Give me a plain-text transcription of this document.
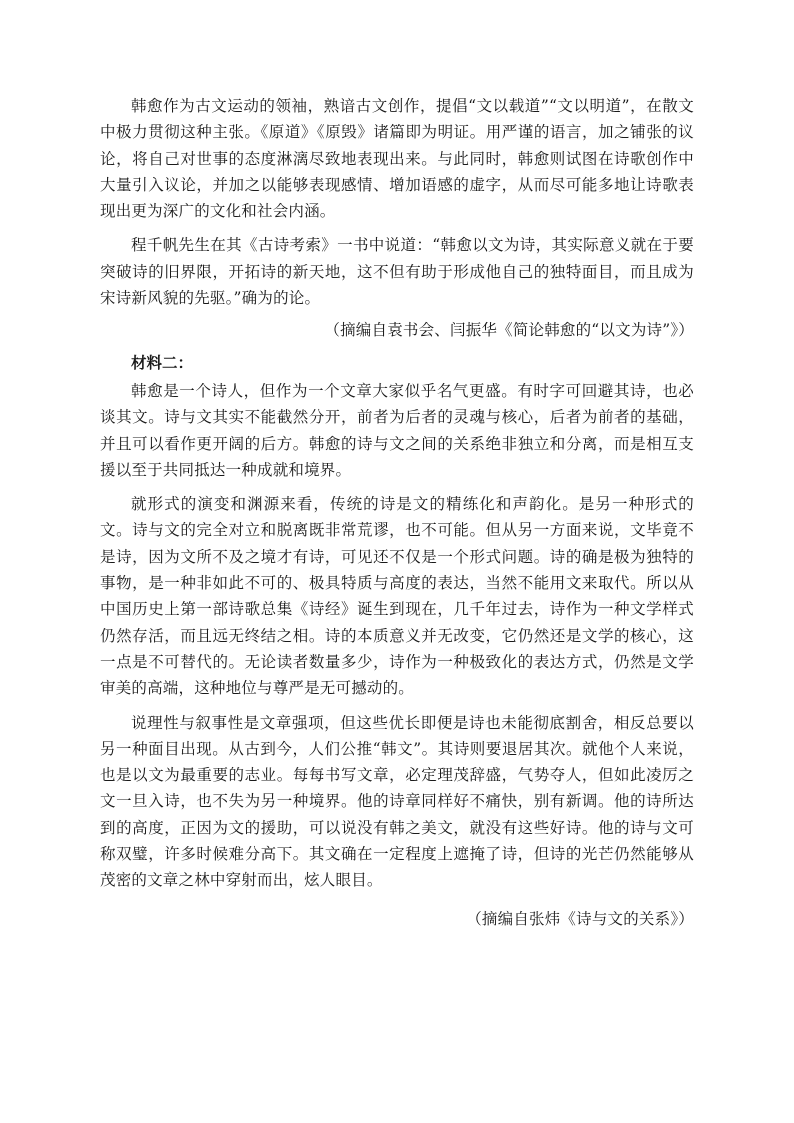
韩愈作为古文运动的领袖，熟谙古文创作，提倡“文以载道”“文以明道”，在散文中极力贯彻这种主张。《原道》《原毁》诸篇即为明证。用严谨的语言，加之铺张的议论，将自己对世事的态度淋漓尽致地表现出来。与此同时，韩愈则试图在诗歌创作中大量引入议论，并加之以能够表现感情、增加语感的虚字，从而尽可能多地让诗歌表现出更为深广的文化和社会内涵。

程千帆先生在其《古诗考索》一书中说道：“韩愈以文为诗，其实际意义就在于要突破诗的旧界限，开拓诗的新天地，这不但有助于形成他自己的独特面目，而且成为宋诗新风貌的先驱。”确为的论。

（摘编自袁书会、闫振华《简论韩愈的“以文为诗”》）

材料二：

韩愈是一个诗人，但作为一个文章大家似乎名气更盛。有时字可回避其诗，也必谈其文。诗与文其实不能截然分开，前者为后者的灵魂与核心，后者为前者的基础，并且可以看作更开阔的后方。韩愈的诗与文之间的关系绝非独立和分离，而是相互支援以至于共同抵达一种成就和境界。

就形式的演变和渊源来看，传统的诗是文的精练化和声韵化。是另一种形式的文。诗与文的完全对立和脱离既非常荒谬，也不可能。但从另一方面来说，文毕竟不是诗，因为文所不及之境才有诗，可见还不仅是一个形式问题。诗的确是极为独特的事物，是一种非如此不可的、极具特质与高度的表达，当然不能用文来取代。所以从中国历史上第一部诗歌总集《诗经》诞生到现在，几千年过去，诗作为一种文学样式仍然存活，而且远无终结之相。诗的本质意义并无改变，它仍然还是文学的核心，这一点是不可替代的。无论读者数量多少，诗作为一种极致化的表达方式，仍然是文学审美的高端，这种地位与尊严是无可撼动的。

说理性与叙事性是文章强项，但这些优长即便是诗也未能彻底割舍，相反总要以另一种面目出现。从古到今，人们公推“韩文”。其诗则要退居其次。就他个人来说，也是以文为最重要的志业。每每书写文章，必定理茂辞盛，气势夺人，但如此凌厉之文一旦入诗，也不失为另一种境界。他的诗章同样好不痛快，别有新调。他的诗所达到的高度，正因为文的援助，可以说没有韩之美文，就没有这些好诗。他的诗与文可称双璧，许多时候难分高下。其文确在一定程度上遮掩了诗，但诗的光芒仍然能够从茂密的文章之林中穿射而出，炫人眼目。

（摘编自张炜《诗与文的关系》）
